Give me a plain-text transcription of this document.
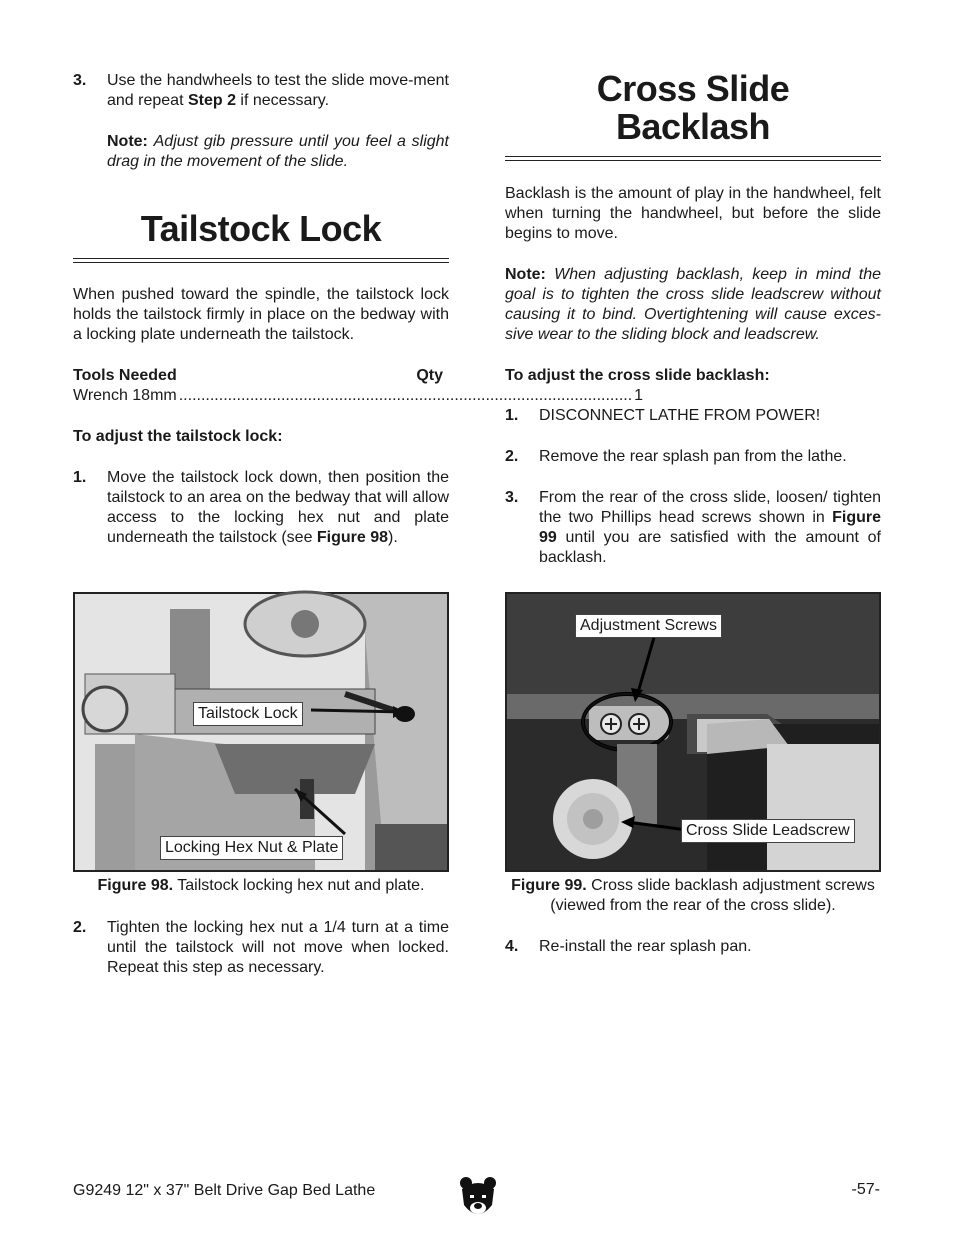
3.	Use the handwheels to test the slide move-ment and repeat Step 2 if necessary.
Note: Adjust gib pressure until you feel a slight drag in the movement of the slide.
Tailstock Lock
When pushed toward the spindle, the tailstock lock holds the tailstock firmly in place on the bedway with a locking plate underneath the tailstock.
Tools Needed	Qty
Wrench 18mm ...................................................................................................... 1
To adjust the tailstock lock:
1.	Move the tailstock lock down, then position the tailstock to an area on the bedway that will allow access to the locking hex nut and plate underneath the tailstock (see Figure 98).
Tailstock Lock
Locking Hex Nut & Plate
Figure 98. Tailstock locking hex nut and plate.
2.	Tighten the locking hex nut a 1/4 turn at a time until the tailstock will not move when locked. Repeat this step as necessary.
Cross Slide
Backlash
Backlash is the amount of play in the handwheel, felt when turning the handwheel, but before the slide begins to move.
Note: When adjusting backlash, keep in mind the goal is to tighten the cross slide leadscrew without causing it to bind. Overtightening will cause exces-sive wear to the sliding block and leadscrew.
To adjust the cross slide backlash:
1.	DISCONNECT LATHE FROM POWER!
2.	Remove the rear splash pan from the lathe.
3.	From the rear of the cross slide, loosen/ tighten the two Phillips head screws shown in Figure 99 until you are satisfied with the amount of backlash.
Adjustment Screws
Cross Slide Leadscrew
Figure 99. Cross slide backlash adjustment screws (viewed from the rear of the cross slide).
4.	Re-install the rear splash pan.
G9249 12" x 37" Belt Drive Gap Bed Lathe	-57-
